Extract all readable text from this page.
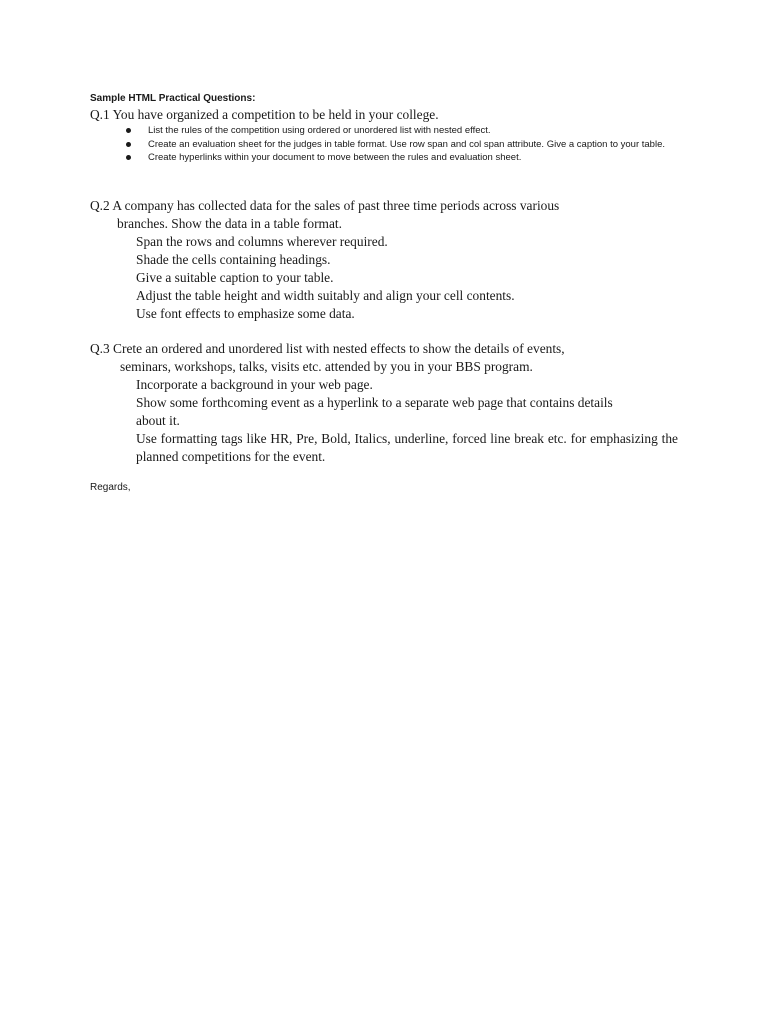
Sample HTML Practical Questions:
Q.1 You have organized a competition to be held in your college.
List the rules of the competition using ordered or unordered list with nested effect.
Create an evaluation sheet for the judges in table format. Use row span and col span attribute. Give a caption to your table.
Create hyperlinks within your document to move between the rules and evaluation sheet.
Q.2 A company has collected data for the sales of past three time periods across various
branches. Show the data in a table format.
Span the rows and columns wherever required.
Shade the cells containing headings.
Give a suitable caption to your table.
Adjust the table height and width suitably and align your cell contents.
Use font effects to emphasize some data.
Q.3 Crete an ordered and unordered list with nested effects to show the details of events,
seminars, workshops, talks, visits etc. attended by you in your BBS program.
Incorporate a background in your web page.
Show some forthcoming event as a hyperlink to a separate web page that contains details about it.
Use formatting tags like HR, Pre, Bold, Italics, underline, forced line break etc. for emphasizing the planned competitions for the event.
Regards,
